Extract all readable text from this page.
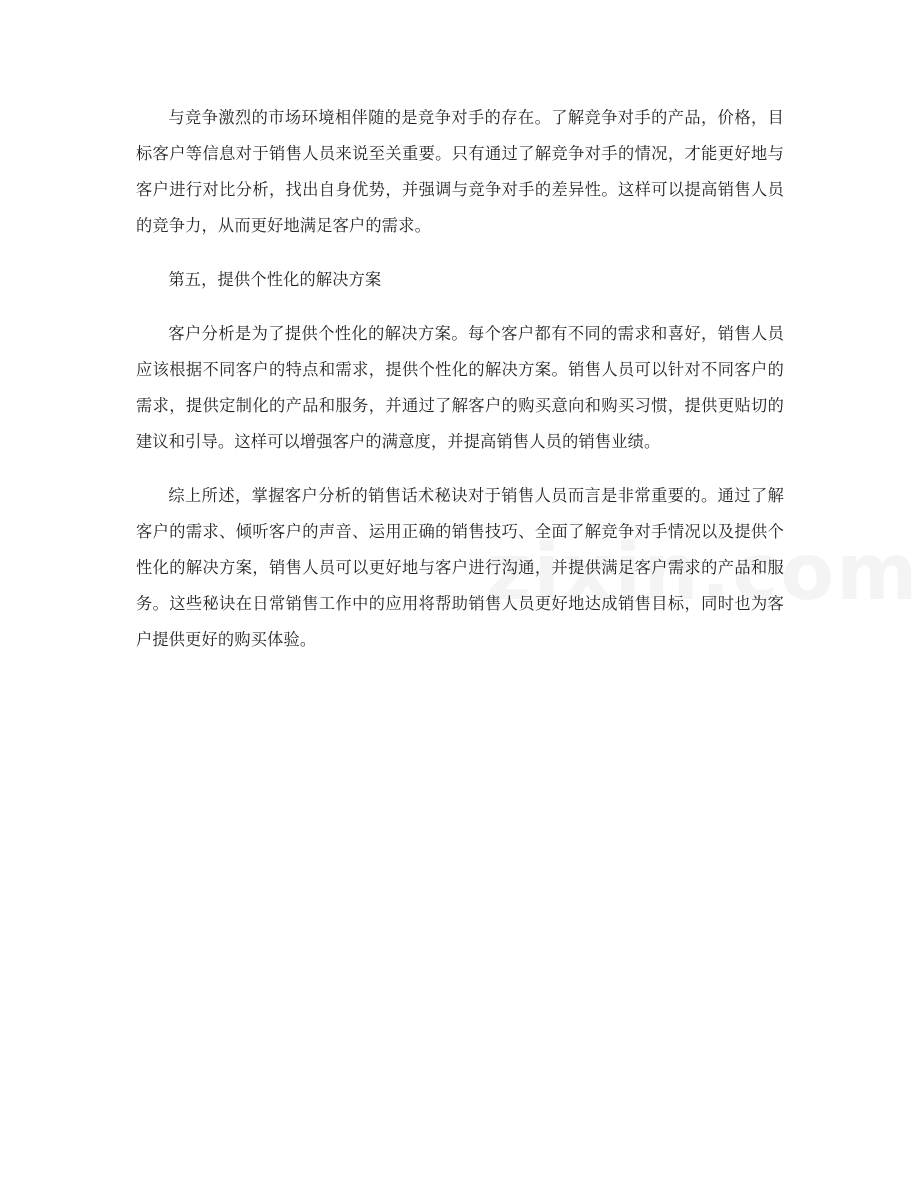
与竞争激烈的市场环境相伴随的是竞争对手的存在。了解竞争对手的产品，价格，目标客户等信息对于销售人员来说至关重要。只有通过了解竞争对手的情况，才能更好地与客户进行对比分析，找出自身优势，并强调与竞争对手的差异性。这样可以提高销售人员的竞争力，从而更好地满足客户的需求。

第五，提供个性化的解决方案

客户分析是为了提供个性化的解决方案。每个客户都有不同的需求和喜好，销售人员应该根据不同客户的特点和需求，提供个性化的解决方案。销售人员可以针对不同客户的需求，提供定制化的产品和服务，并通过了解客户的购买意向和购买习惯，提供更贴切的建议和引导。这样可以增强客户的满意度，并提高销售人员的销售业绩。

综上所述，掌握客户分析的销售话术秘诀对于销售人员而言是非常重要的。通过了解客户的需求、倾听客户的声音、运用正确的销售技巧、全面了解竞争对手情况以及提供个性化的解决方案，销售人员可以更好地与客户进行沟通，并提供满足客户需求的产品和服务。这些秘诀在日常销售工作中的应用将帮助销售人员更好地达成销售目标，同时也为客户提供更好的购买体验。
